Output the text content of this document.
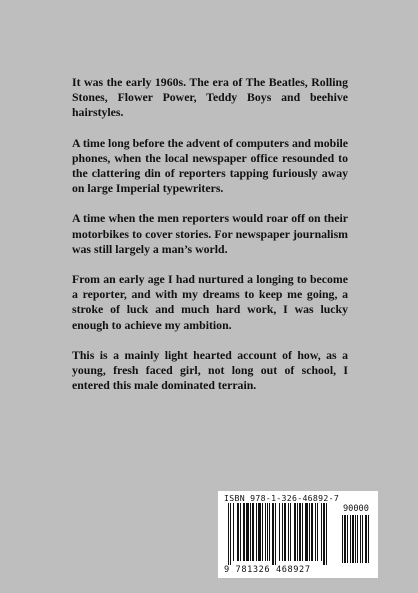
It was the early 1960s. The era of The Beatles, Rolling Stones, Flower Power, Teddy Boys and beehive hairstyles.

A time long before the advent of computers and mobile phones, when the local newspaper office resounded to the clattering din of reporters tapping furiously away on large Imperial typewriters.

A time when the men reporters would roar off on their motorbikes to cover stories. For newspaper journalism was still largely a man’s world.

From an early age I had nurtured a longing to become a reporter, and with my dreams to keep me going, a stroke of luck and much hard work, I was lucky enough to achieve my ambition.

This is a mainly light hearted account of how, as a young, fresh faced girl, not long out of school, I entered this male dominated terrain.

ISBN 978-1-326-46892-7
90000
9 781326 468927
